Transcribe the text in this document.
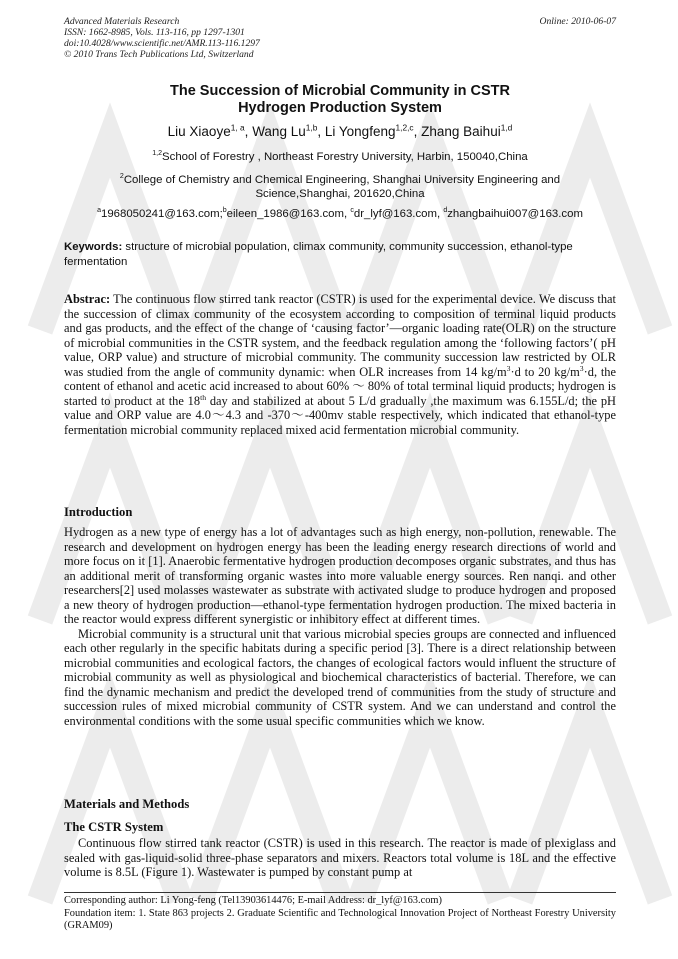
Advanced Materials Research
ISSN: 1662-8985, Vols. 113-116, pp 1297-1301
doi:10.4028/www.scientific.net/AMR.113-116.1297
© 2010 Trans Tech Publications Ltd, Switzerland
Online: 2010-06-07
The Succession of Microbial Community in CSTR
Hydrogen Production System
Liu Xiaoye$^{1, a}$, Wang Lu$^{1,b}$, Li Yongfeng$^{1,2,c}$, Zhang Baihui$^{1,d}$
$^{1,2}$School of Forestry , Northeast Forestry University, Harbin, 150040,China
$^2$College of Chemistry and Chemical Engineering, Shanghai University Engineering and
Science,Shanghai, 201620,China
$^a$1968050241@163.com;$^b$eileen_1986@163.com, $^c$dr_lyf@163.com, $^d$zhangbaihui007@163.com
Keywords: structure of microbial population, climax community, community succession, ethanol-type fermentation
Abstrac: The continuous flow stirred tank reactor (CSTR) is used for the experimental device. We discuss that the succession of climax community of the ecosystem according to composition of terminal liquid products and gas products, and the effect of the change of ‘causing factor’—organic loading rate(OLR) on the structure of microbial communities in the CSTR system, and the feedback regulation among the ‘following factors’( pH value, ORP value) and structure of microbial community. The community succession law restricted by OLR was studied from the angle of community dynamic: when OLR increases from 14 $kg/m^3\cdot d$ to 20 $kg/m^3\cdot d$, the content of ethanol and acetic acid increased to about 60% ～ 80% of total terminal liquid products; hydrogen is started to product at the 18th day and stabilized at about 5 L/d gradually ,the maximum was 6.155L/d; the pH value and ORP value are 4.0～4.3 and -370～-400mv stable respectively, which indicated that ethanol-type fermentation microbial community replaced mixed acid fermentation microbial community.
Introduction
Hydrogen as a new type of energy has a lot of advantages such as high energy, non-pollution, renewable. The research and development on hydrogen energy has been the leading energy research directions of world and more focus on it [1]. Anaerobic fermentative hydrogen production decomposes organic substrates, and thus has an additional merit of transforming organic wastes into more valuable energy sources. Ren nanqi. and other researchers[2] used molasses wastewater as substrate with activated sludge to produce hydrogen and proposed a new theory of hydrogen production—ethanol-type fermentation hydrogen production. The mixed bacteria in the reactor would express different synergistic or inhibitory effect at different times.
Microbial community is a structural unit that various microbial species groups are connected and influenced each other regularly in the specific habitats during a specific period [3]. There is a direct relationship between microbial communities and ecological factors, the changes of ecological factors would influent the structure of microbial community as well as physiological and biochemical characteristics of bacterial. Therefore, we can find the dynamic mechanism and predict the developed trend of communities from the study of structure and succession rules of mixed microbial community of CSTR system. And we can understand and control the environmental conditions with the some usual specific communities which we know.
Materials and Methods
The CSTR System
Continuous flow stirred tank reactor (CSTR) is used in this research. The reactor is made of plexiglass and sealed with gas-liquid-solid three-phase separators and mixers. Reactors total volume is 18L and the effective volume is 8.5L (Figure 1). Wastewater is pumped by constant pump at
Corresponding author: Li Yong-feng (Tel13903614476; E-mail Address: dr_lyf@163.com)
Foundation item: 1. State 863 projects 2. Graduate Scientific and Technological Innovation Project of Northeast Forestry University (GRAM09)
